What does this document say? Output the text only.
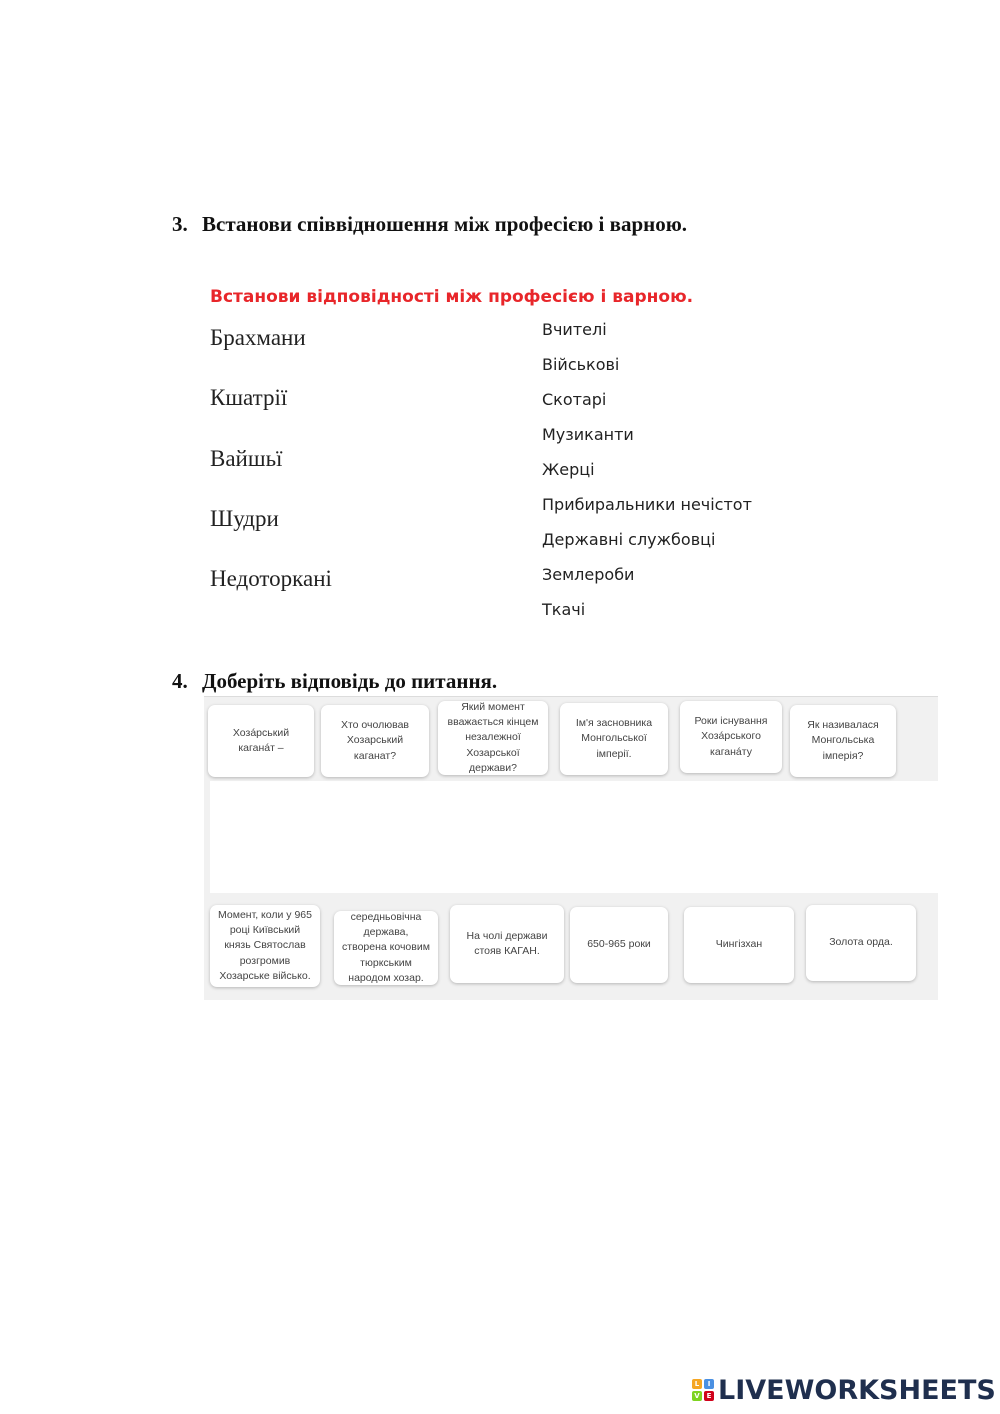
3. Встанови співвідношення між професією і варною.
Встанови відповідності між професією і варною.
Брахмани
Кшатрії
Вайшьї
Шудри
Недоторкані
Вчителі
Військові
Скотарі
Музиканти
Жерці
Прибиральники нечістот
Державні службовці
Землероби
Ткачі
4. Доберіть відповідь до питання.
Хозáрський каганáт –
Хто очолював Хозарський каганат?
Який момент вважається кінцем незалежної Хозарської держави?
Ім'я засновника Монгольської імперії.
Роки існування Хозáрського каганáту
Як називалася Монгольська імперія?
Момент, коли у 965 році Київський князь Святослав розгромив Хозарське військо.
середньовічна держава, створена кочовим тюркським народом хозар.
На чолі держави стояв КАГАН.
650-965 роки	Чингізхан	Золота орда.
L	I
V E LIVEWORKSHEETS
